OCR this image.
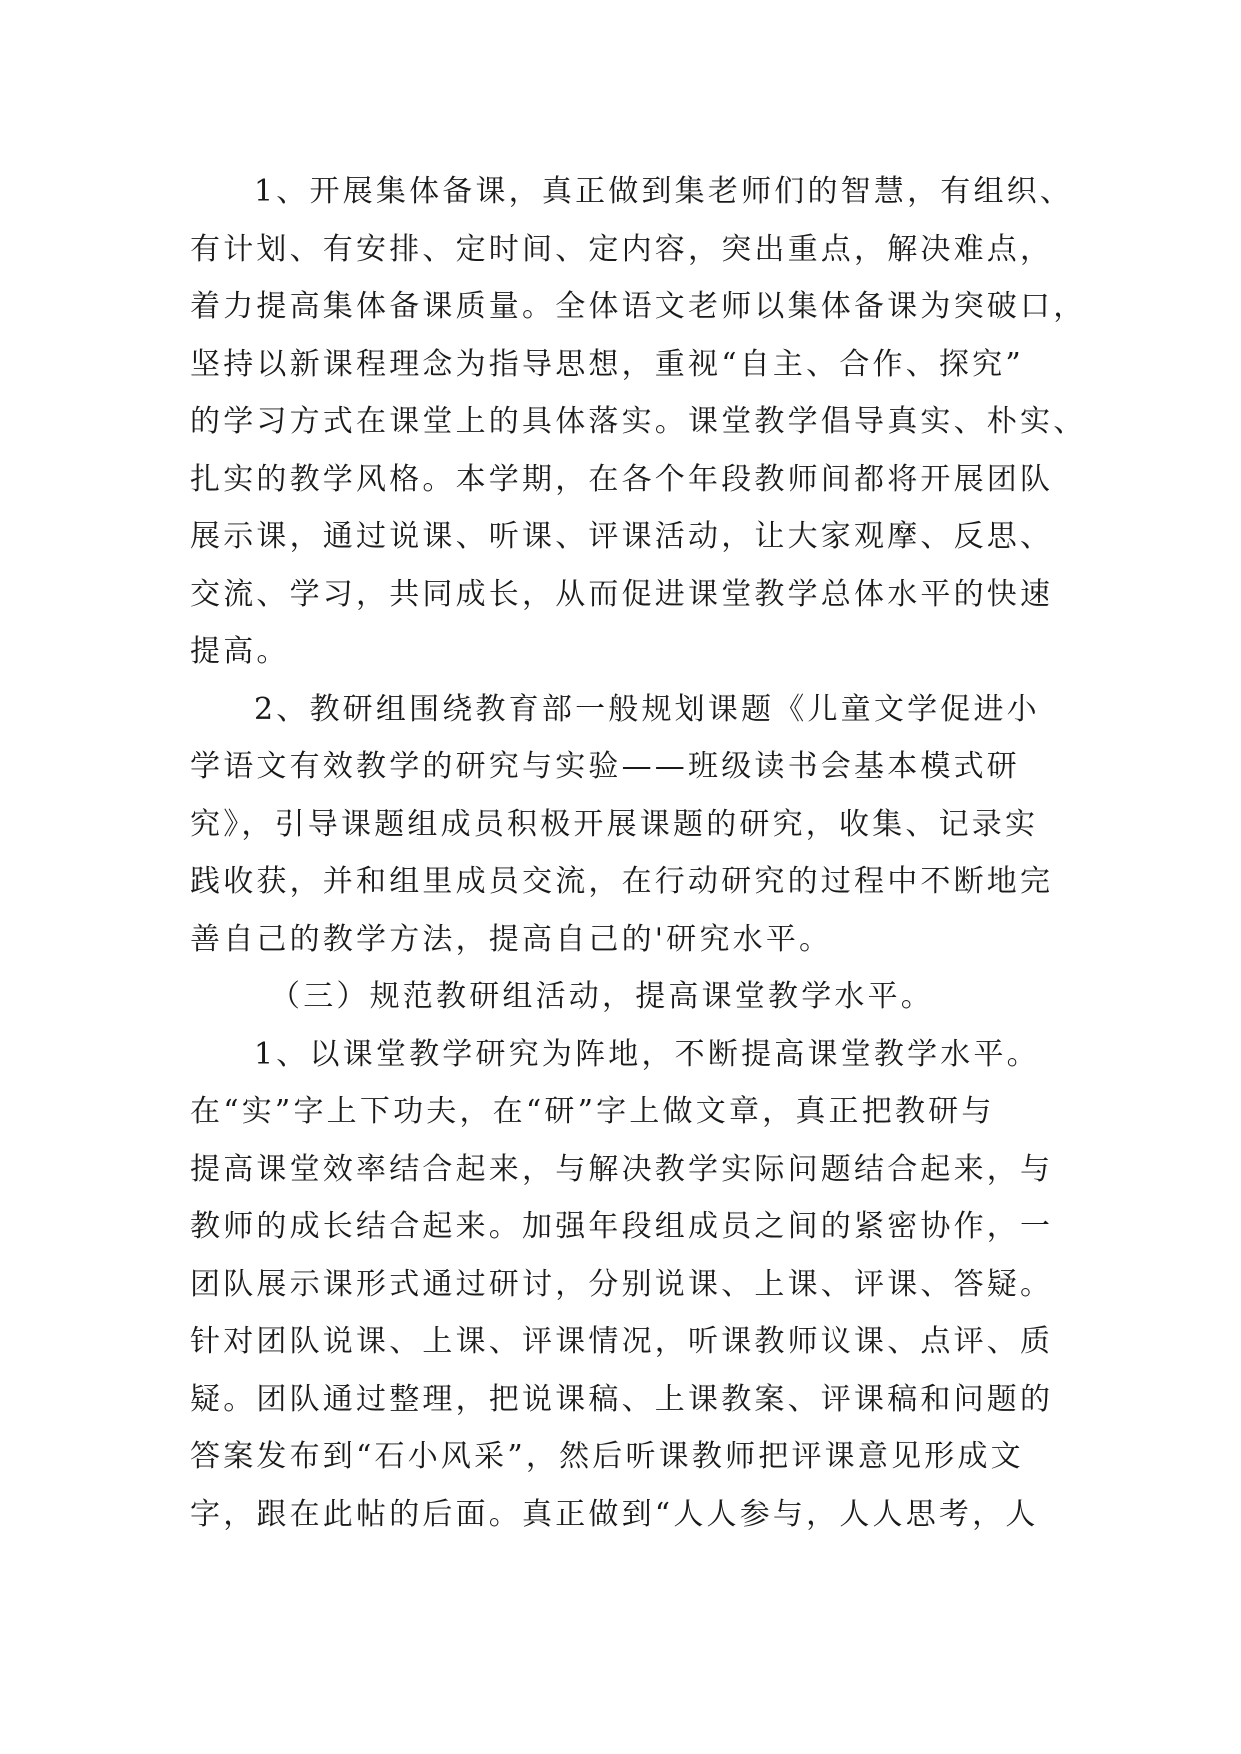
1、开展集体备课，真正做到集老师们的智慧，有组织、
有计划、有安排、定时间、定内容，突出重点，解决难点，
着力提高集体备课质量。全体语文老师以集体备课为突破口，
坚持以新课程理念为指导思想，重视“自主、合作、探究”
的学习方式在课堂上的具体落实。课堂教学倡导真实、朴实、
扎实的教学风格。本学期，在各个年段教师间都将开展团队
展示课，通过说课、听课、评课活动，让大家观摩、反思、
交流、学习，共同成长，从而促进课堂教学总体水平的快速
提高。
2、教研组围绕教育部一般规划课题《儿童文学促进小
学语文有效教学的研究与实验——班级读书会基本模式研
究》，引导课题组成员积极开展课题的研究，收集、记录实
践收获，并和组里成员交流，在行动研究的过程中不断地完
善自己的教学方法，提高自己的'研究水平。
（三）规范教研组活动，提高课堂教学水平。
1、以课堂教学研究为阵地，不断提高课堂教学水平。
在“实”字上下功夫，在“研”字上做文章，真正把教研与
提高课堂效率结合起来，与解决教学实际问题结合起来，与
教师的成长结合起来。加强年段组成员之间的紧密协作，一
团队展示课形式通过研讨，分别说课、上课、评课、答疑。
针对团队说课、上课、评课情况，听课教师议课、点评、质
疑。团队通过整理，把说课稿、上课教案、评课稿和问题的
答案发布到“石小风采”，然后听课教师把评课意见形成文
字，跟在此帖的后面。真正做到“人人参与，人人思考，人
